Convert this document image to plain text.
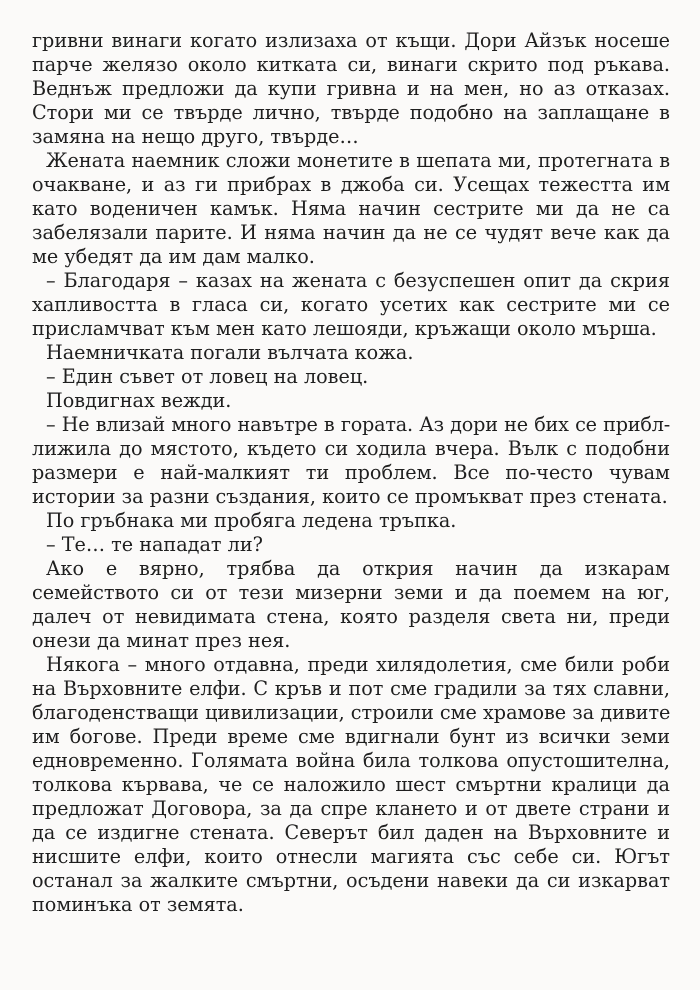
гривни винаги когато излизаха от къщи. Дори Айзък носеше
парче желязо около китката си, винаги скрито под ръкава.
Веднъж предложи да купи гривна и на мен, но аз отказах.
Стори ми се твърде лично, твърде подобно на заплащане в
замяна на нещо друго, твърде…
Жената наемник сложи монетите в шепата ми, протегната в
очакване, и аз ги прибрах в джоба си. Усещах тежестта им
като воденичен камък. Няма начин сестрите ми да не са
забелязали парите. И няма начин да не се чудят вече как да
ме убедят да им дам малко.
– Благодаря – казах на жената с безуспешен опит да скрия
хапливостта в гласа си, когато усетих как сестрите ми се
присламчват към мен като лешояди, кръжащи около мърша.
Наемничката погали вълчата кожа.
– Един съвет от ловец на ловец.
Повдигнах вежди.
– Не влизай много навътре в гората. Аз дори не бих се прибл-
лижила до мястото, където си ходила вчера. Вълк с подобни
размери е най-малкият ти проблем. Все по-често чувам
истории за разни създания, които се промъкват през стената.
По гръбнака ми пробяга ледена тръпка.
– Те… те нападат ли?
Ако е вярно, трябва да открия начин да изкарам
семейството си от тези мизерни земи и да поемем на юг,
далеч от невидимата стена, която разделя света ни, преди
онези да минат през нея.
Някога – много отдавна, преди хилядолетия, сме били роби
на Върховните елфи. С кръв и пот сме градили за тях славни,
благоденстващи цивилизации, строили сме храмове за дивите
им богове. Преди време сме вдигнали бунт из всички земи
едновременно. Голямата война била толкова опустошителна,
толкова кървава, че се наложило шест смъртни кралици да
предложат Договора, за да спре клането и от двете страни и
да се издигне стената. Северът бил даден на Върховните и
нисшите елфи, които отнесли магията със себе си. Югът
останал за жалките смъртни, осъдени навеки да си изкарват
поминъка от земята.
